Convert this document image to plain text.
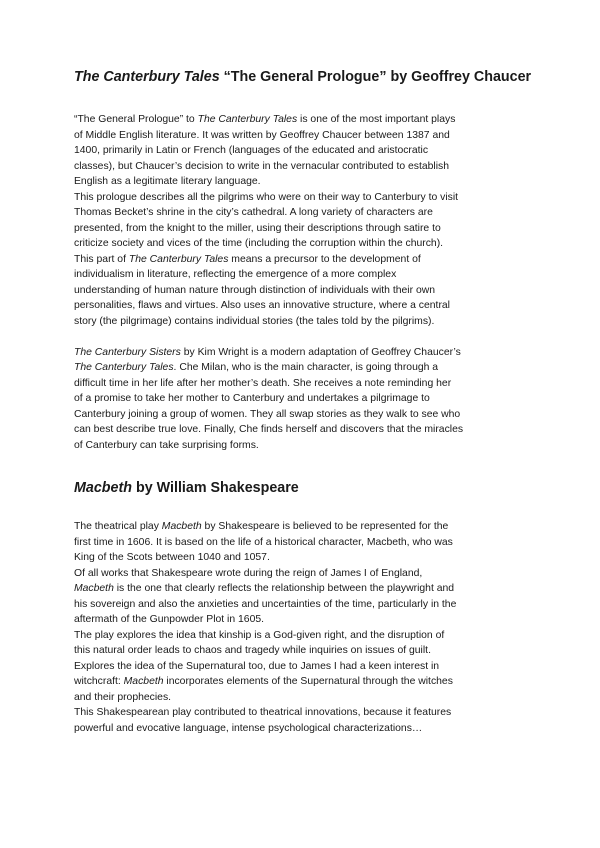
The Canterbury Tales “The General Prologue” by Geoffrey Chaucer

“The General Prologue” to The Canterbury Tales is one of the most important plays
of Middle English literature. It was written by Geoffrey Chaucer between 1387 and
1400, primarily in Latin or French (languages of the educated and aristocratic
classes), but Chaucer’s decision to write in the vernacular contributed to establish
English as a legitimate literary language.
This prologue describes all the pilgrims who were on their way to Canterbury to visit
Thomas Becket’s shrine in the city’s cathedral. A long variety of characters are
presented, from the knight to the miller, using their descriptions through satire to
criticize society and vices of the time (including the corruption within the church).
This part of The Canterbury Tales means a precursor to the development of
individualism in literature, reflecting the emergence of a more complex
understanding of human nature through distinction of individuals with their own
personalities, flaws and virtues. Also uses an innovative structure, where a central
story (the pilgrimage) contains individual stories (the tales told by the pilgrims).

The Canterbury Sisters by Kim Wright is a modern adaptation of Geoffrey Chaucer’s
The Canterbury Tales. Che Milan, who is the main character, is going through a
difficult time in her life after her mother’s death. She receives a note reminding her
of a promise to take her mother to Canterbury and undertakes a pilgrimage to
Canterbury joining a group of women. They all swap stories as they walk to see who
can best describe true love. Finally, Che finds herself and discovers that the miracles
of Canterbury can take surprising forms.

Macbeth by William Shakespeare

The theatrical play Macbeth by Shakespeare is believed to be represented for the
first time in 1606. It is based on the life of a historical character, Macbeth, who was
King of the Scots between 1040 and 1057.
Of all works that Shakespeare wrote during the reign of James I of England,
Macbeth is the one that clearly reflects the relationship between the playwright and
his sovereign and also the anxieties and uncertainties of the time, particularly in the
aftermath of the Gunpowder Plot in 1605.
The play explores the idea that kinship is a God-given right, and the disruption of
this natural order leads to chaos and tragedy while inquiries on issues of guilt.
Explores the idea of the Supernatural too, due to James I had a keen interest in
witchcraft: Macbeth incorporates elements of the Supernatural through the witches
and their prophecies.
This Shakespearean play contributed to theatrical innovations, because it features
powerful and evocative language, intense psychological characterizations…
